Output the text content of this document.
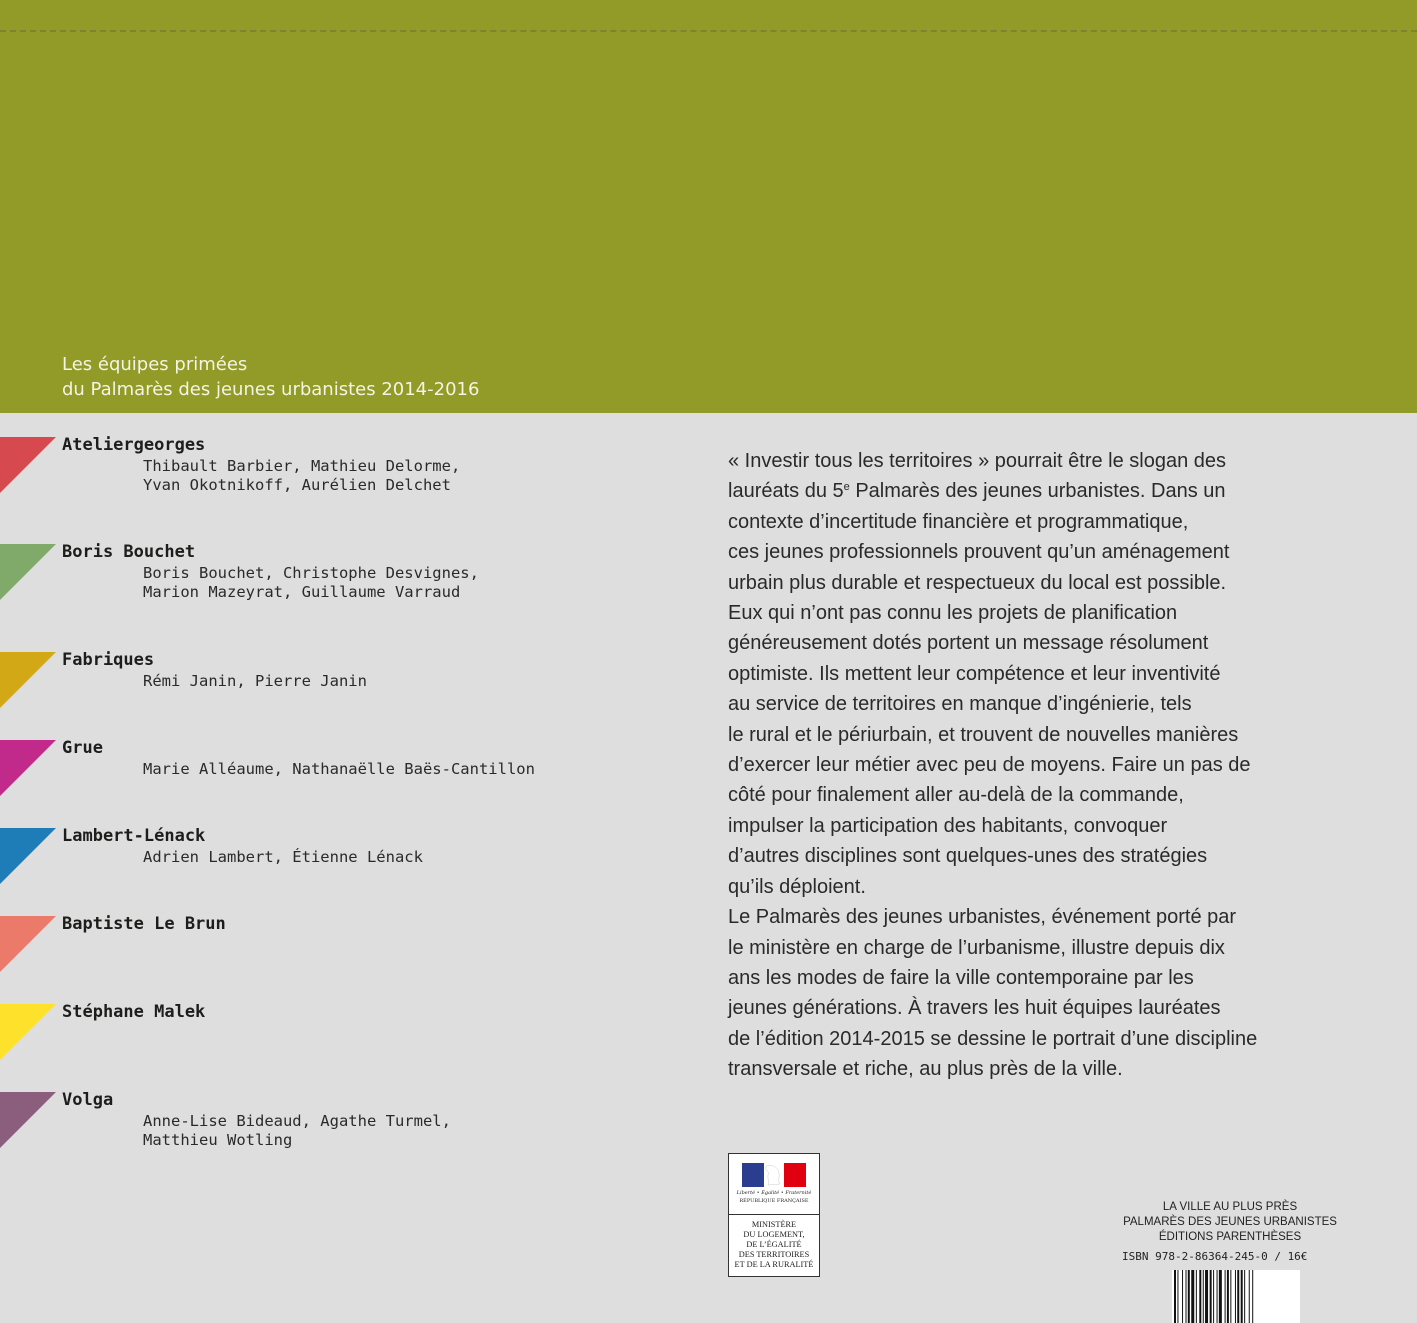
Les équipes primées
du Palmarès des jeunes urbanistes 2014-2016
Ateliergeorges
Thibault Barbier, Mathieu Delorme,
Yvan Okotnikoff, Aurélien Delchet
Boris Bouchet
Boris Bouchet, Christophe Desvignes,
Marion Mazeyrat, Guillaume Varraud
Fabriques
Rémi Janin, Pierre Janin
Grue
Marie Alléaume, Nathanaëlle Baës-Cantillon
Lambert-Lénack
Adrien Lambert, Étienne Lénack
Baptiste Le Brun
Stéphane Malek
Volga
Anne-Lise Bideaud, Agathe Turmel,
Matthieu Wotling
« Investir tous les territoires » pourrait être le slogan des
lauréats du 5e Palmarès des jeunes urbanistes. Dans un
contexte d’incertitude financière et programmatique,
ces jeunes professionnels prouvent qu’un aménagement
urbain plus durable et respectueux du local est possible.
Eux qui n’ont pas connu les projets de planification
généreusement dotés portent un message résolument
optimiste. Ils mettent leur compétence et leur inventivité
au service de territoires en manque d’ingénierie, tels
le rural et le périurbain, et trouvent de nouvelles manières
d’exercer leur métier avec peu de moyens. Faire un pas de
côté pour finalement aller au-delà de la commande,
impulser la participation des habitants, convoquer
d’autres disciplines sont quelques-unes des stratégies
qu’ils déploient.
Le Palmarès des jeunes urbanistes, événement porté par
le ministère en charge de l’urbanisme, illustre depuis dix
ans les modes de faire la ville contemporaine par les
jeunes générations. À travers les huit équipes lauréates
de l’édition 2014-2015 se dessine le portrait d’une discipline
transversale et riche, au plus près de la ville.
Liberté • Égalité • Fraternité
RÉPUBLIQUE FRANÇAISE
MINISTÈRE
DU LOGEMENT,
DE L’ÉGALITÉ
DES TERRITOIRES
ET DE LA RURALITÉ
LA VILLE AU PLUS PRÈS
PALMARÈS DES JEUNES URBANISTES
ÉDITIONS PARENTHÈSES
ISBN 978-2-86364-245-0 / 16€
